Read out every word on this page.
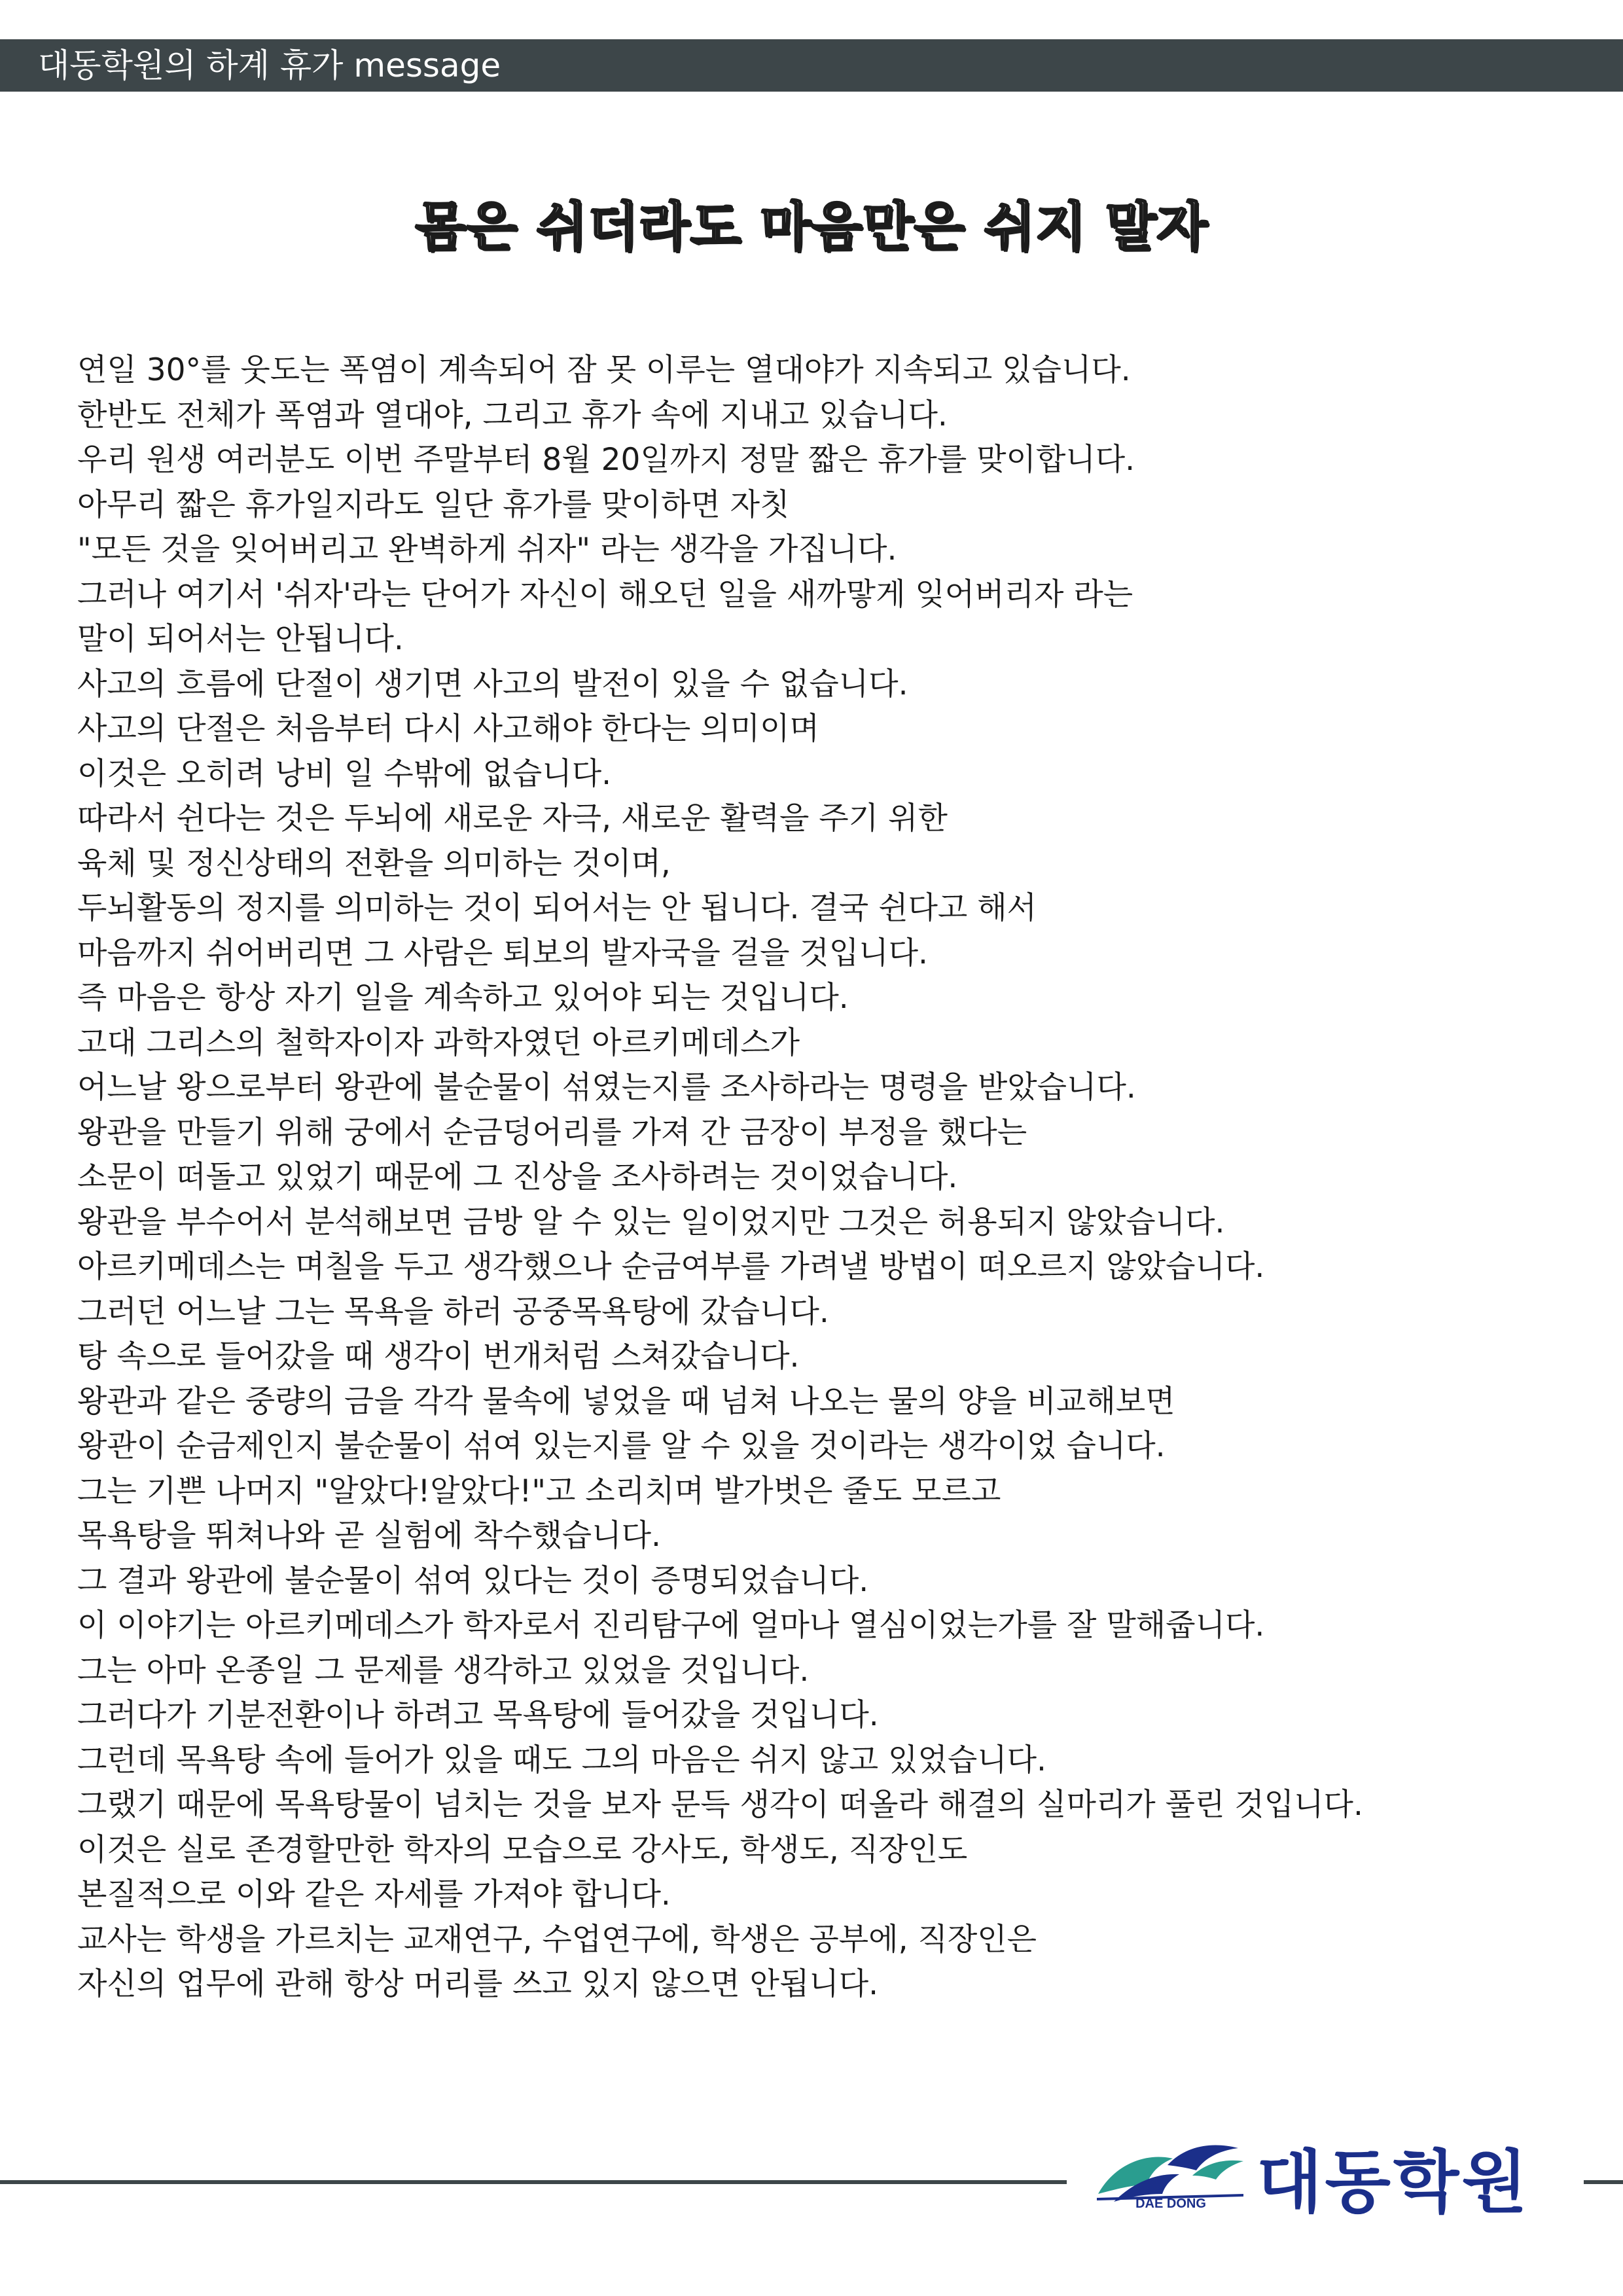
대동학원의 하계 휴가 message
몸은 쉬더라도 마음만은 쉬지 말자
연일 30°를 웃도는 폭염이 계속되어 잠 못 이루는 열대야가 지속되고 있습니다.
한반도 전체가 폭염과 열대야, 그리고 휴가 속에 지내고 있습니다.
우리 원생 여러분도 이번 주말부터 8월 20일까지 정말 짧은 휴가를 맞이합니다.
아무리 짧은 휴가일지라도 일단 휴가를 맞이하면 자칫
"모든 것을 잊어버리고 완벽하게 쉬자" 라는 생각을 가집니다.
그러나 여기서 '쉬자'라는 단어가 자신이 해오던 일을 새까맣게 잊어버리자 라는
말이 되어서는 안됩니다.
사고의 흐름에 단절이 생기면 사고의 발전이 있을 수 없습니다.
사고의 단절은 처음부터 다시 사고해야 한다는 의미이며
이것은 오히려 낭비 일 수밖에 없습니다.
따라서 쉰다는 것은 두뇌에 새로운 자극, 새로운 활력을 주기 위한
육체 및 정신상태의 전환을 의미하는 것이며,
두뇌활동의 정지를 의미하는 것이 되어서는 안 됩니다. 결국 쉰다고 해서
마음까지 쉬어버리면 그 사람은 퇴보의 발자국을 걸을 것입니다.
즉 마음은 항상 자기 일을 계속하고 있어야 되는 것입니다.
고대 그리스의 철학자이자 과학자였던 아르키메데스가
어느날 왕으로부터 왕관에 불순물이 섞였는지를 조사하라는 명령을 받았습니다.
왕관을 만들기 위해 궁에서 순금덩어리를 가져 간 금장이 부정을 했다는
소문이 떠돌고 있었기 때문에 그 진상을 조사하려는 것이었습니다.
왕관을 부수어서 분석해보면 금방 알 수 있는 일이었지만 그것은 허용되지 않았습니다.
아르키메데스는 며칠을 두고 생각했으나 순금여부를 가려낼 방법이 떠오르지 않았습니다.
그러던 어느날 그는 목욕을 하러 공중목욕탕에 갔습니다.
탕 속으로 들어갔을 때 생각이 번개처럼 스쳐갔습니다.
왕관과 같은 중량의 금을 각각 물속에 넣었을 때 넘쳐 나오는 물의 양을 비교해보면
왕관이 순금제인지 불순물이 섞여 있는지를 알 수 있을 것이라는 생각이었 습니다.
그는 기쁜 나머지 "알았다!알았다!"고 소리치며 발가벗은 줄도 모르고
목욕탕을 뛰쳐나와 곧 실험에 착수했습니다.
그 결과 왕관에 불순물이 섞여 있다는 것이 증명되었습니다.
이 이야기는 아르키메데스가 학자로서 진리탐구에 얼마나 열심이었는가를 잘 말해줍니다.
그는 아마 온종일 그 문제를 생각하고 있었을 것입니다.
그러다가 기분전환이나 하려고 목욕탕에 들어갔을 것입니다.
그런데 목욕탕 속에 들어가 있을 때도 그의 마음은 쉬지 않고 있었습니다.
그랬기 때문에 목욕탕물이 넘치는 것을 보자 문득 생각이 떠올라 해결의 실마리가 풀린 것입니다.
이것은 실로 존경할만한 학자의 모습으로 강사도, 학생도, 직장인도
본질적으로 이와 같은 자세를 가져야 합니다.
교사는 학생을 가르치는 교재연구, 수업연구에, 학생은 공부에, 직장인은
자신의 업무에 관해 항상 머리를 쓰고 있지 않으면 안됩니다.
DAE DONG 대동학원
